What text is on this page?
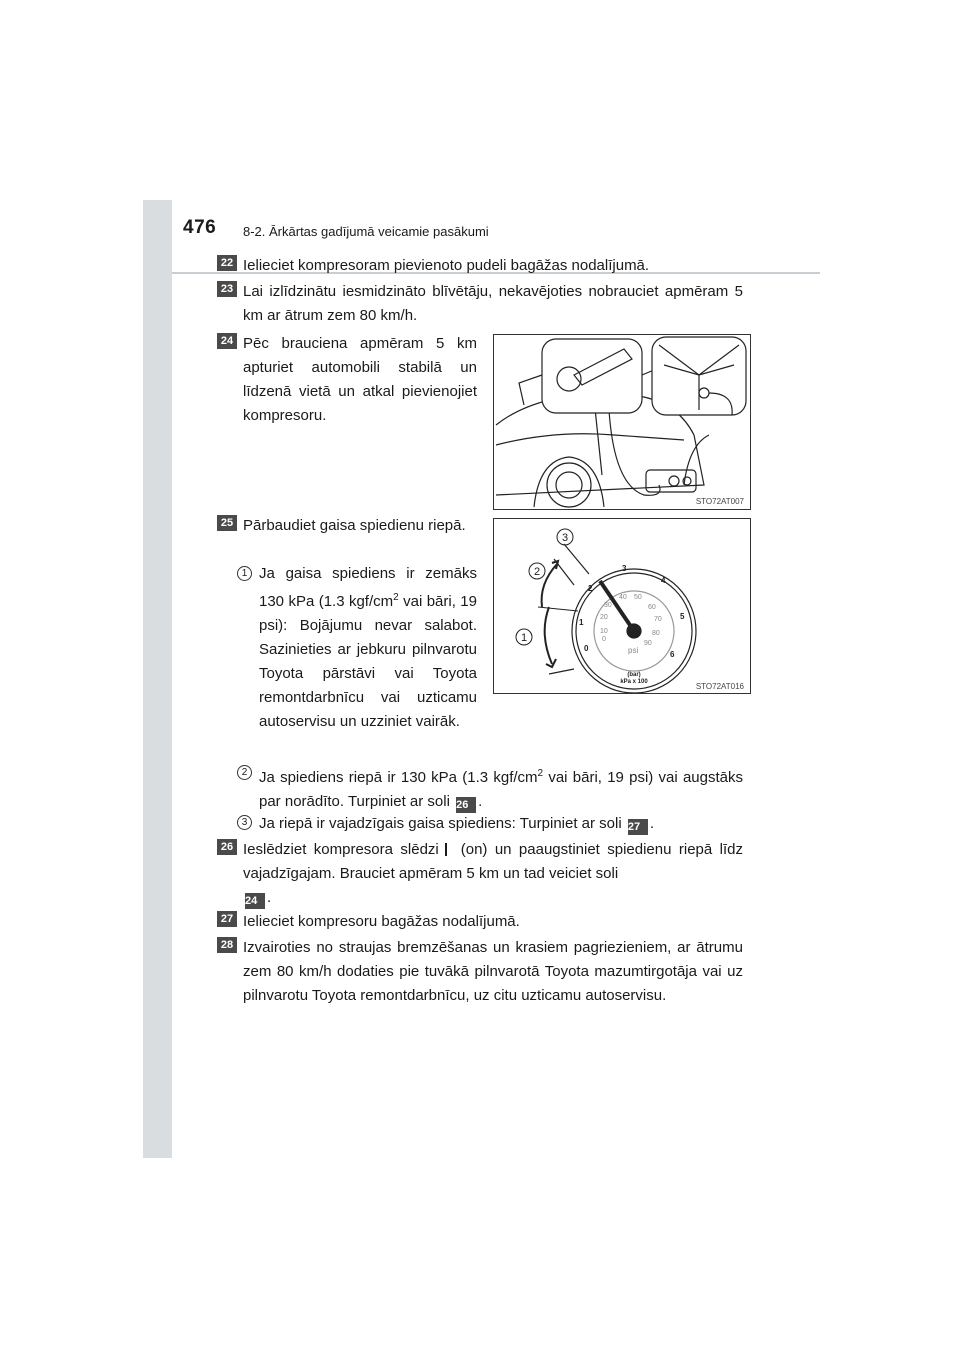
476 8-2. Ārkārtas gadījumā veicamie pasākumi
22 Ielieciet kompresoram pievienoto pudeli bagāžas nodalījumā.
23 Lai izlīdzinātu iesmidzināto blīvētāju, nekavējoties nobrauciet apmēram 5 km ar ātrum zem 80 km/h.
24 Pēc brauciena apmēram 5 km apturiet automobili stabilā un līdzenā vietā un atkal pievienojiet kompresoru.
STO72AT007
25 Pārbaudiet gaisa spiedienu riepā.
3
2
1
0
1
2
3
4
5
6
0
10
20
30
40 50
60
70
80
90
psi
(bar)
kPa x 100	STO72AT016
1 Ja gaisa spiediens ir zemāks 130 kPa (1.3 kgf/$cm^2$ vai bāri, 19 psi): Bojājumu nevar salabot. Sazinieties ar jebkuru pilnvarotu Toyota pārstāvi vai Toyota remontdarbnīcu vai uzticamu autoservisu un uzziniet vairāk.
2 Ja spiediens riepā ir 130 kPa (1.3 kgf/$cm^2$ vai bāri, 19 psi) vai augstāks par norādīto. Turpiniet ar soli 26 .
3 Ja riepā ir vajadzīgais gaisa spiediens: Turpiniet ar soli 27 .
26 Ieslēdziet kompresora slēdzi (on) un paaugstiniet spiedienu riepā līdz vajadzīgajam. Brauciet apmēram 5 km un tad veiciet soli
24 .
27 Ielieciet kompresoru bagāžas nodalījumā.
28 Izvairoties no straujas bremzēšanas un krasiem pagriezieniem, ar ātrumu zem 80 km/h dodaties pie tuvākā pilnvarotā Toyota mazumtirgotāja vai uz pilnvarotu Toyota remontdarbnīcu, uz citu uzticamu autoservisu.
